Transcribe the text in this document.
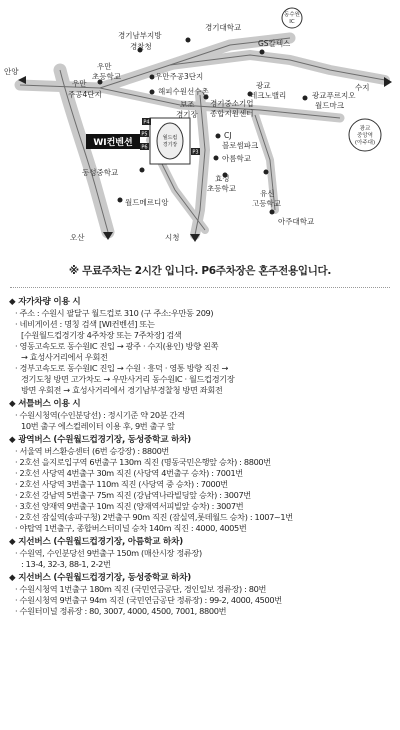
월드컵
경기장
P4
P5
P6
P3
WI컨벤션
광교
중앙역
(아주대)
동수원
IC
안양
경기남부지방
경찰청
경기대학교
GS칼텍스
우만
초등학교
우만
주공4단지
우만주공3단지
해피수원선수촌
광교
테크노밸리
수지
광교푸르지오
월드마크
보조
경기장
경기중소기업
종합지원센터
CJ
블로썸파크
아름학교
동성중학교
효성
초등학교
유신
고등학교
월드메르디앙
아주대학교
오산	시청
※ 무료주차는 2시간 입니다. P6주차장은 혼주전용입니다.
◆ 자가차량 이용 시
· 주소 : 수원시 팔달구 월드컵로 310 (구 주소:우만동 209)
· 네비게이션 : 명칭 검색 [WI컨벤션] 또는
[수원월드컵경기장 4주차장 또는 7주차장] 검색
· 영동고속도로 동수원IC 진입 → 광주 · 수지(용인) 방향 왼쪽
→ 효성사거리에서 우회전
· 경부고속도로 동수원IC 진입 → 수원 · 흥덕 · 영통 방향 직진 →
경기도청 방면 고가차도 → 우만사거리 동수원IC · 월드컵경기장
방면 우회전 → 효성사거리에서 경기남부경찰청 방면 좌회전
◆ 셔틀버스 이용 시
· 수원시청역(수인분당선) : 정시기준 약 20분 간격
10번 출구 에스컬레이터 이용 후, 9번 출구 앞
◆ 광역버스 (수원월드컵경기장, 동성중학교 하차)
· 서울역 버스환승센터 (6번 승강장) : 8800번
· 2호선 을지로입구역 6번출구 130m 직진 (명동국민은행앞 승차) : 8800번
· 2호선 사당역 4번출구 30m 직진 (사당역 4번출구 승차) : 7001번
· 2호선 사당역 3번출구 110m 직진 (사당역 중 승차) : 7000번
· 2호선 강남역 5번출구 75m 직진 (강남역나라빌딩앞 승차) : 3007번
· 3호선 양재역 9번출구 10m 직진 (양재역서피빌앞 승차) : 3007번
· 2호선 잠실역(송파구청) 2번출구 90m 직진 (잠실역,롯데월드 승차) : 1007~1번
· 야탑역 1번출구, 종합버스터미널 승차 140m 직진 : 4000, 4005번
◆ 지선버스 (수원월드컵경기장, 아름학교 하차)
· 수원역, 수인분당선 9번출구 150m (매산시장 정류장)
: 13-4, 32-3, 88-1, 2-2번
◆ 지선버스 (수원월드컵경기장, 동성중학교 하차)
· 수원시청역 1번출구 180m 직진 (국민연금공단, 경인일보 정류장) : 80번
· 수원시청역 9번출구 94m 직진 (국민연금공단 정류장) : 99-2, 4000, 4500번
· 수원터미널 정류장 : 80, 3007, 4000, 4500, 7001, 8800번
